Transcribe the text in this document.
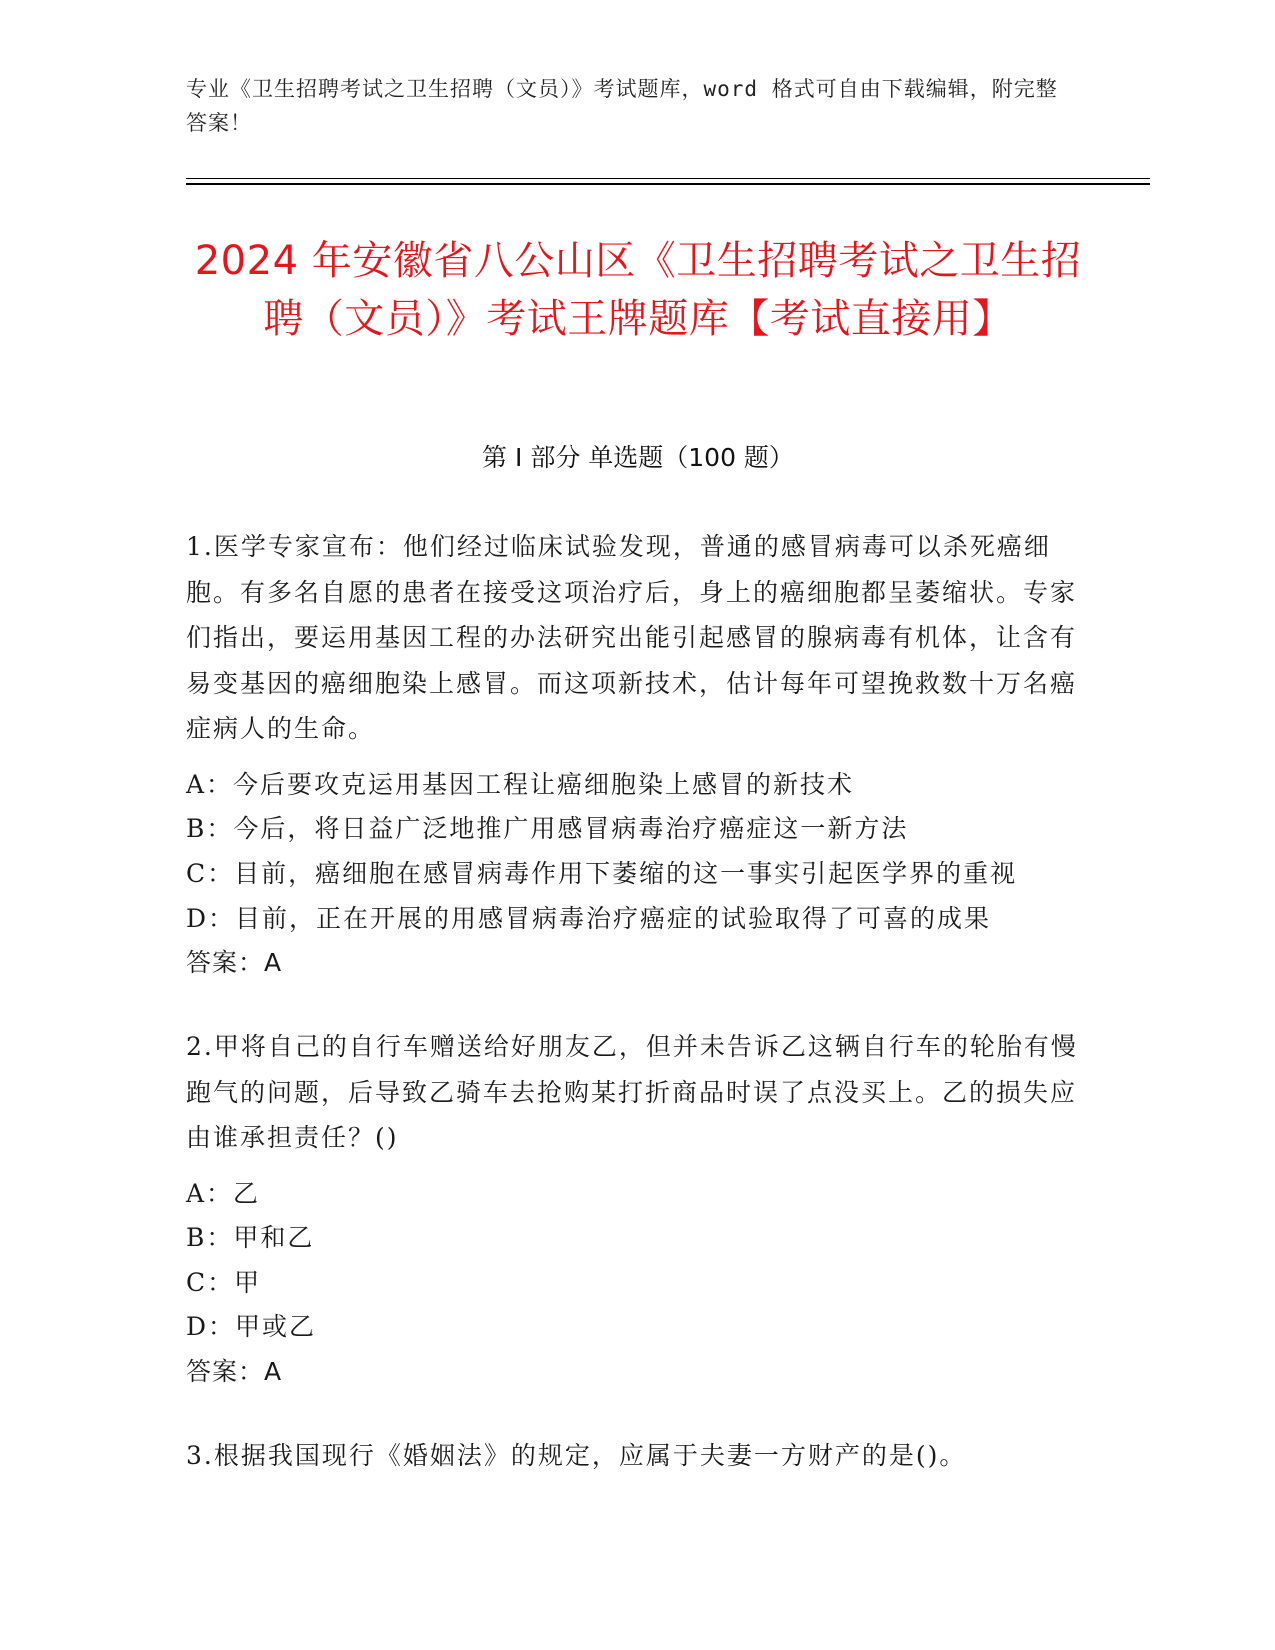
专业《卫生招聘考试之卫生招聘（文员）》考试题库，word 格式可自由下载编辑，附完整答案！
2024 年安徽省八公山区《卫生招聘考试之卫生招聘（文员）》考试王牌题库【考试直接用】
第 I 部分 单选题（100 题）
1.医学专家宣布：他们经过临床试验发现，普通的感冒病毒可以杀死癌细胞。有多名自愿的患者在接受这项治疗后，身上的癌细胞都呈萎缩状。专家们指出，要运用基因工程的办法研究出能引起感冒的腺病毒有机体，让含有易变基因的癌细胞染上感冒。而这项新技术，估计每年可望挽救数十万名癌症病人的生命。
A：今后要攻克运用基因工程让癌细胞染上感冒的新技术
B：今后，将日益广泛地推广用感冒病毒治疗癌症这一新方法
C：目前，癌细胞在感冒病毒作用下萎缩的这一事实引起医学界的重视
D：目前，正在开展的用感冒病毒治疗癌症的试验取得了可喜的成果
答案：A
2.甲将自己的自行车赠送给好朋友乙，但并未告诉乙这辆自行车的轮胎有慢跑气的问题，后导致乙骑车去抢购某打折商品时误了点没买上。乙的损失应由谁承担责任？()
A：乙
B：甲和乙
C：甲
D：甲或乙
答案：A
3.根据我国现行《婚姻法》的规定，应属于夫妻一方财产的是()。
